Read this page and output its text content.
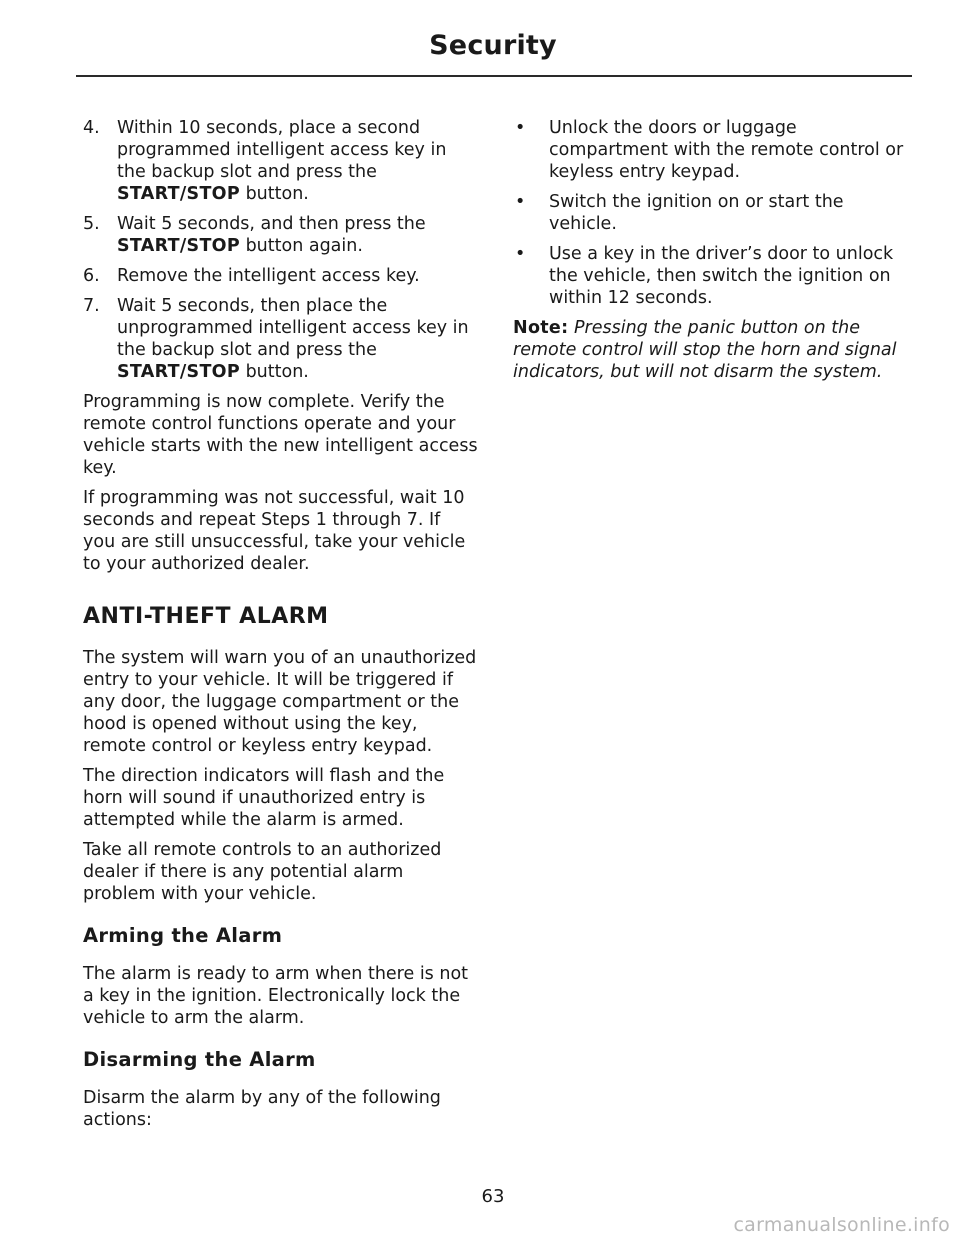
Security
4. Within 10 seconds, place a second programmed intelligent access key in the backup slot and press the START/STOP button.
5. Wait 5 seconds, and then press the START/STOP button again.
6. Remove the intelligent access key.
7. Wait 5 seconds, then place the unprogrammed intelligent access key in the backup slot and press the START/STOP button.

Programming is now complete. Verify the remote control functions operate and your vehicle starts with the new intelligent access key.

If programming was not successful, wait 10 seconds and repeat Steps 1 through 7. If you are still unsuccessful, take your vehicle to your authorized dealer.

ANTI-THEFT ALARM

The system will warn you of an unauthorized entry to your vehicle. It will be triggered if any door, the luggage compartment or the hood is opened without using the key, remote control or keyless entry keypad.

The direction indicators will flash and the horn will sound if unauthorized entry is attempted while the alarm is armed.

Take all remote controls to an authorized dealer if there is any potential alarm problem with your vehicle.

Arming the Alarm

The alarm is ready to arm when there is not a key in the ignition. Electronically lock the vehicle to arm the alarm.

Disarming the Alarm

Disarm the alarm by any of the following actions:

• Unlock the doors or luggage compartment with the remote control or keyless entry keypad.
• Switch the ignition on or start the vehicle.
• Use a key in the driver’s door to unlock the vehicle, then switch the ignition on within 12 seconds.

Note: Pressing the panic button on the remote control will stop the horn and signal indicators, but will not disarm the system.

63
carmanualsonline.info
